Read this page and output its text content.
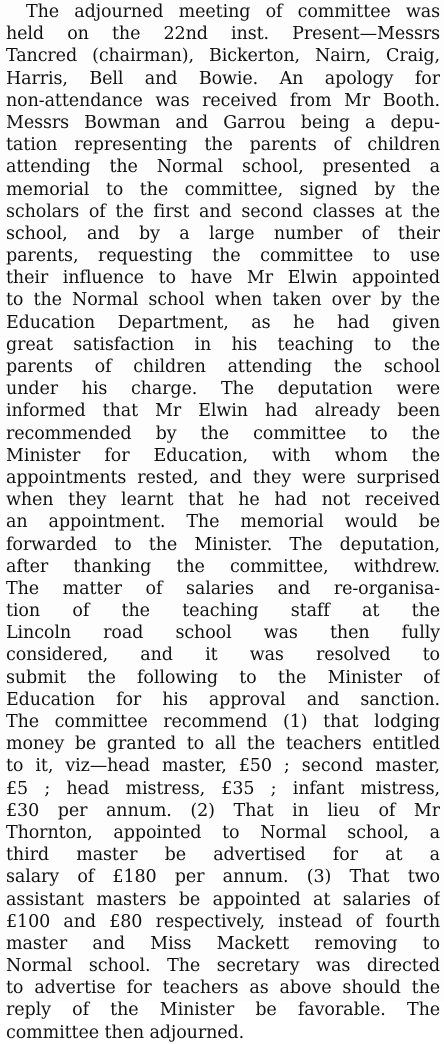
The adjourned meeting of committee was
held on the 22nd inst. Present—Messrs
Tancred (chairman), Bickerton, Nairn, Craig,
Harris, Bell and Bowie. An apology for
non-attendance was received from Mr Booth.
Messrs Bowman and Garrou being a depu-
tation representing the parents of children
attending the Normal school, presented a
memorial to the committee, signed by the
scholars of the first and second classes at the
school, and by a large number of their
parents, requesting the committee to use
their influence to have Mr Elwin appointed
to the Normal school when taken over by the
Education Department, as he had given
great satisfaction in his teaching to the
parents of children attending the school
under his charge. The deputation were
informed that Mr Elwin had already been
recommended by the committee to the
Minister for Education, with whom the
appointments rested, and they were surprised
when they learnt that he had not received
an appointment. The memorial would be
forwarded to the Minister. The deputation,
after thanking the committee, withdrew.
The matter of salaries and re-organisa-
tion of the teaching staff at the
Lincoln road school was then fully
considered, and it was resolved to
submit the following to the Minister of
Education for his approval and sanction.
The committee recommend (1) that lodging
money be granted to all the teachers entitled
to it, viz—head master, £50 ; second master,
£5 ; head mistress, £35 ; infant mistress,
£30 per annum. (2) That in lieu of Mr
Thornton, appointed to Normal school, a
third master be advertised for at a
salary of £180 per annum. (3) That two
assistant masters be appointed at salaries of
£100 and £80 respectively, instead of fourth
master and Miss Mackett removing to
Normal school. The secretary was directed
to advertise for teachers as above should the
reply of the Minister be favorable. The
committee then adjourned.
